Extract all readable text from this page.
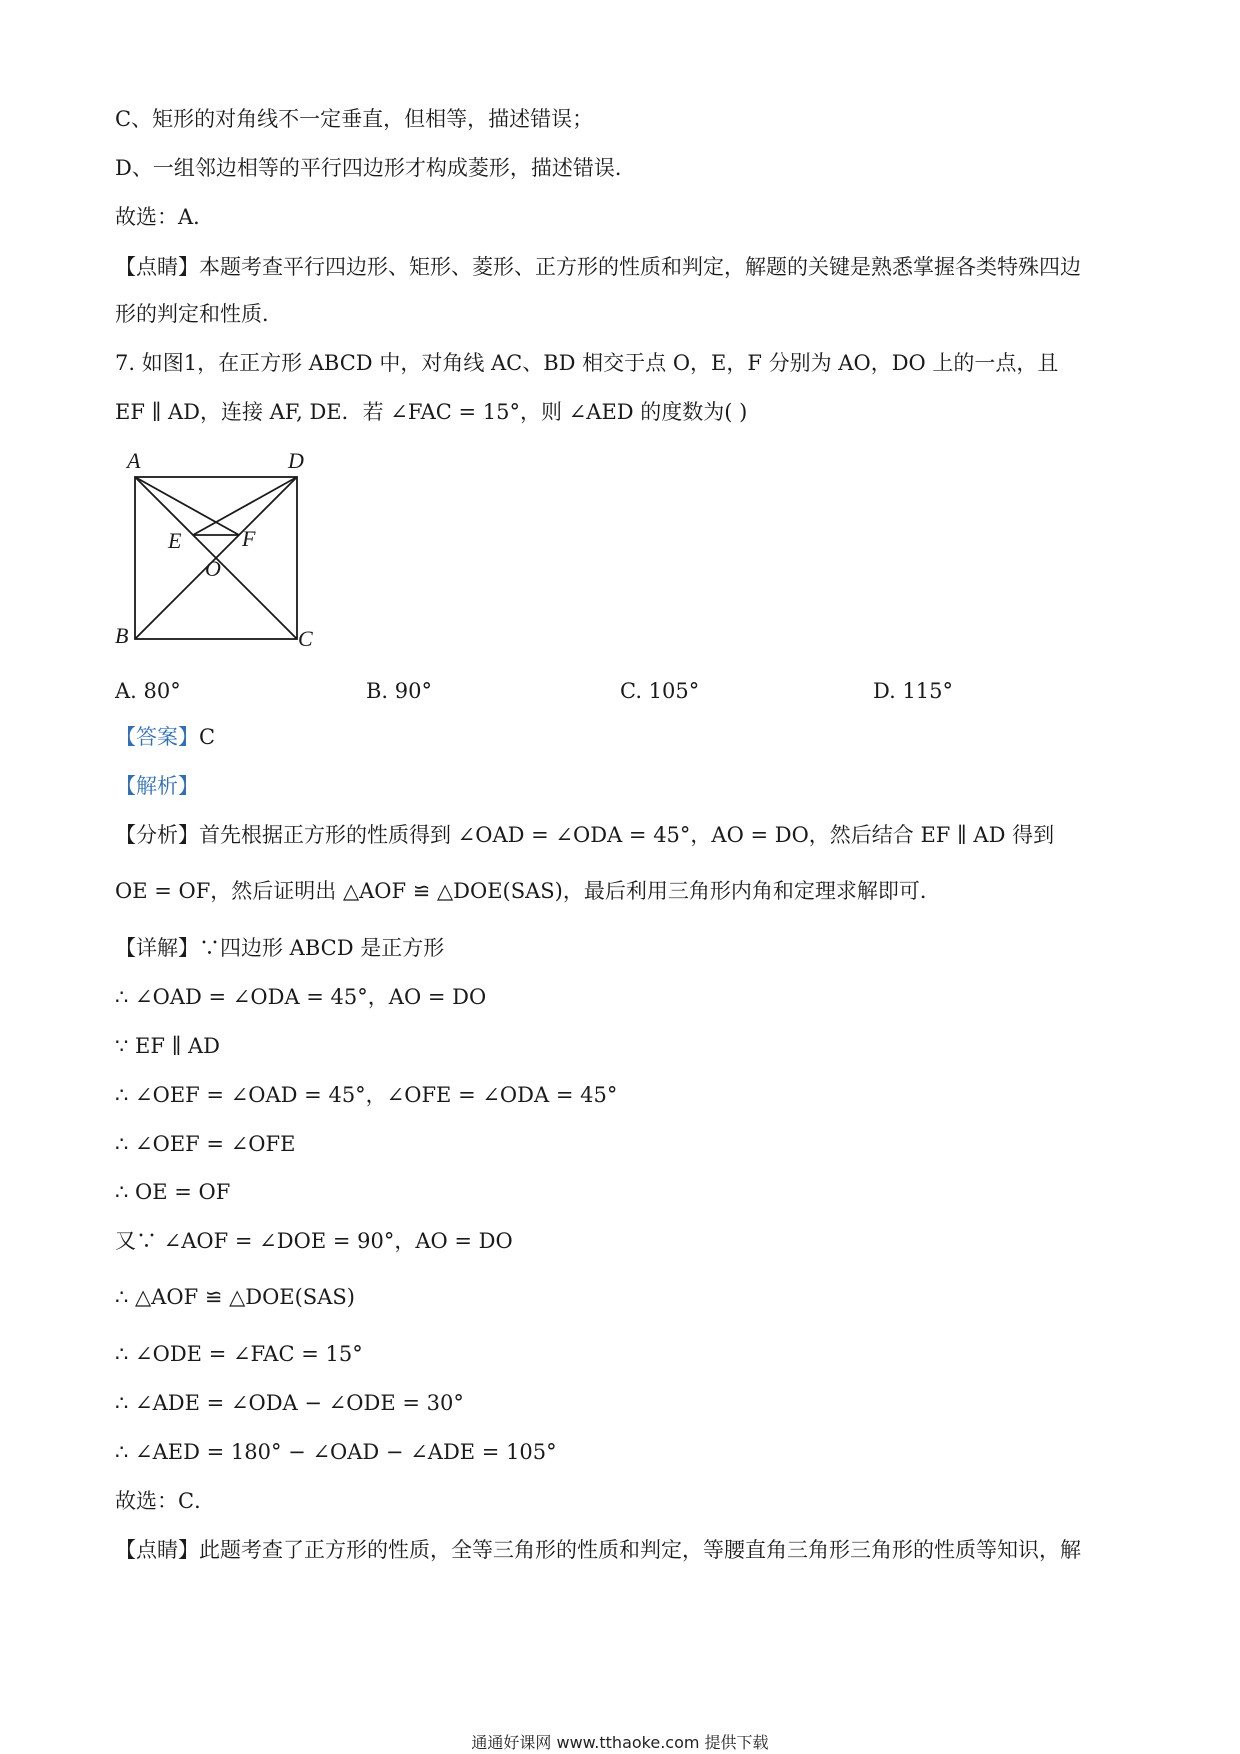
C、矩形的对角线不一定垂直，但相等，描述错误；
D、一组邻边相等的平行四边形才构成菱形，描述错误．
故选：A．
【点睛】本题考查平行四边形、矩形、菱形、正方形的性质和判定，解题的关键是熟悉掌握各类特殊四边
形的判定和性质．
7. 如图1，在正方形 ABCD 中，对角线 AC、BD 相交于点 O，E，F 分别为 AO，DO 上的一点，且
EF ∥ AD，连接 AF, DE．若 ∠FAC = 15°，则 ∠AED 的度数为( )
A	D
B	C
E	F
O
A. 80°	B. 90°	C. 105°	D. 115°
【答案】C
【解析】
【分析】首先根据正方形的性质得到 ∠OAD = ∠ODA = 45°，AO = DO，然后结合 EF ∥ AD 得到
OE = OF，然后证明出 △AOF ≌ △DOE(SAS)，最后利用三角形内角和定理求解即可．
【详解】∵四边形 ABCD 是正方形
∴ ∠OAD = ∠ODA = 45°，AO = DO
∵ EF ∥ AD
∴ ∠OEF = ∠OAD = 45°，∠OFE = ∠ODA = 45°
∴ ∠OEF = ∠OFE
∴ OE = OF
又∵ ∠AOF = ∠DOE = 90°，AO = DO
∴ △AOF ≌ △DOE(SAS)
∴ ∠ODE = ∠FAC = 15°
∴ ∠ADE = ∠ODA − ∠ODE = 30°
∴ ∠AED = 180° − ∠OAD − ∠ADE = 105°
故选：C．
【点睛】此题考查了正方形的性质，全等三角形的性质和判定，等腰直角三角形三角形的性质等知识，解
通通好课网 www.tthaoke.com 提供下载
